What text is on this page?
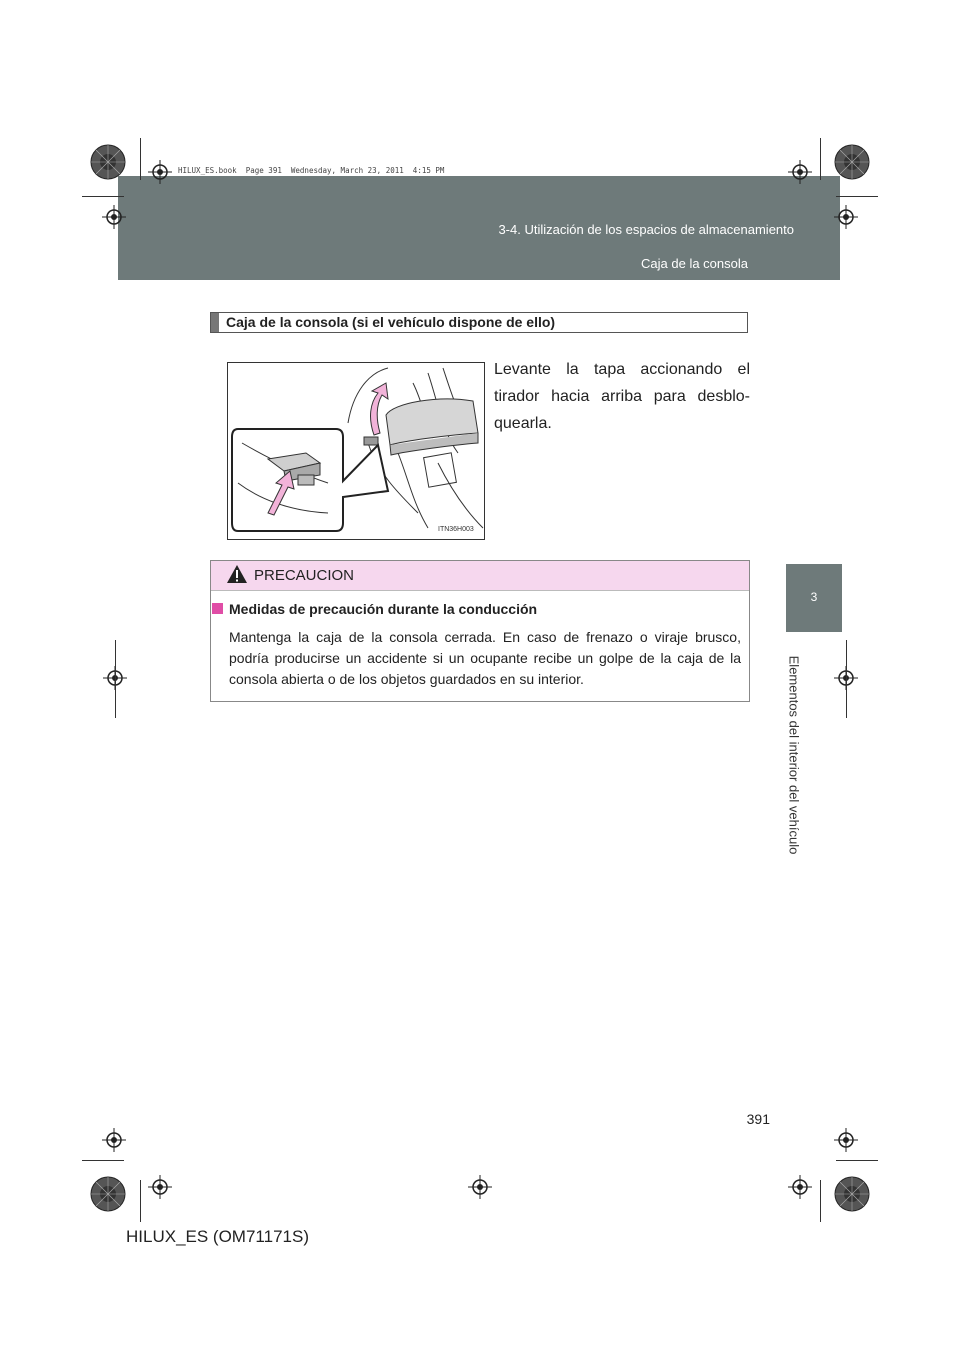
3-4. Utilización de los espacios de almacenamiento
Caja de la consola
HILUX_ES.book  Page 391  Wednesday, March 23, 2011  4:15 PM
3
Elementos del interior del vehículo
Caja de la consola (si el vehículo dispone de ello)
Levante la tapa accionando el tirador hacia arriba para desblo-quearla.
ITN36H003
PRECAUCION
Medidas de precaución durante la conducción
Mantenga la caja de la consola cerrada. En caso de frenazo o viraje brusco, podría producirse un accidente si un ocupante recibe un golpe de la caja de la consola abierta o de los objetos guardados en su interior.
391
HILUX_ES (OM71171S)
